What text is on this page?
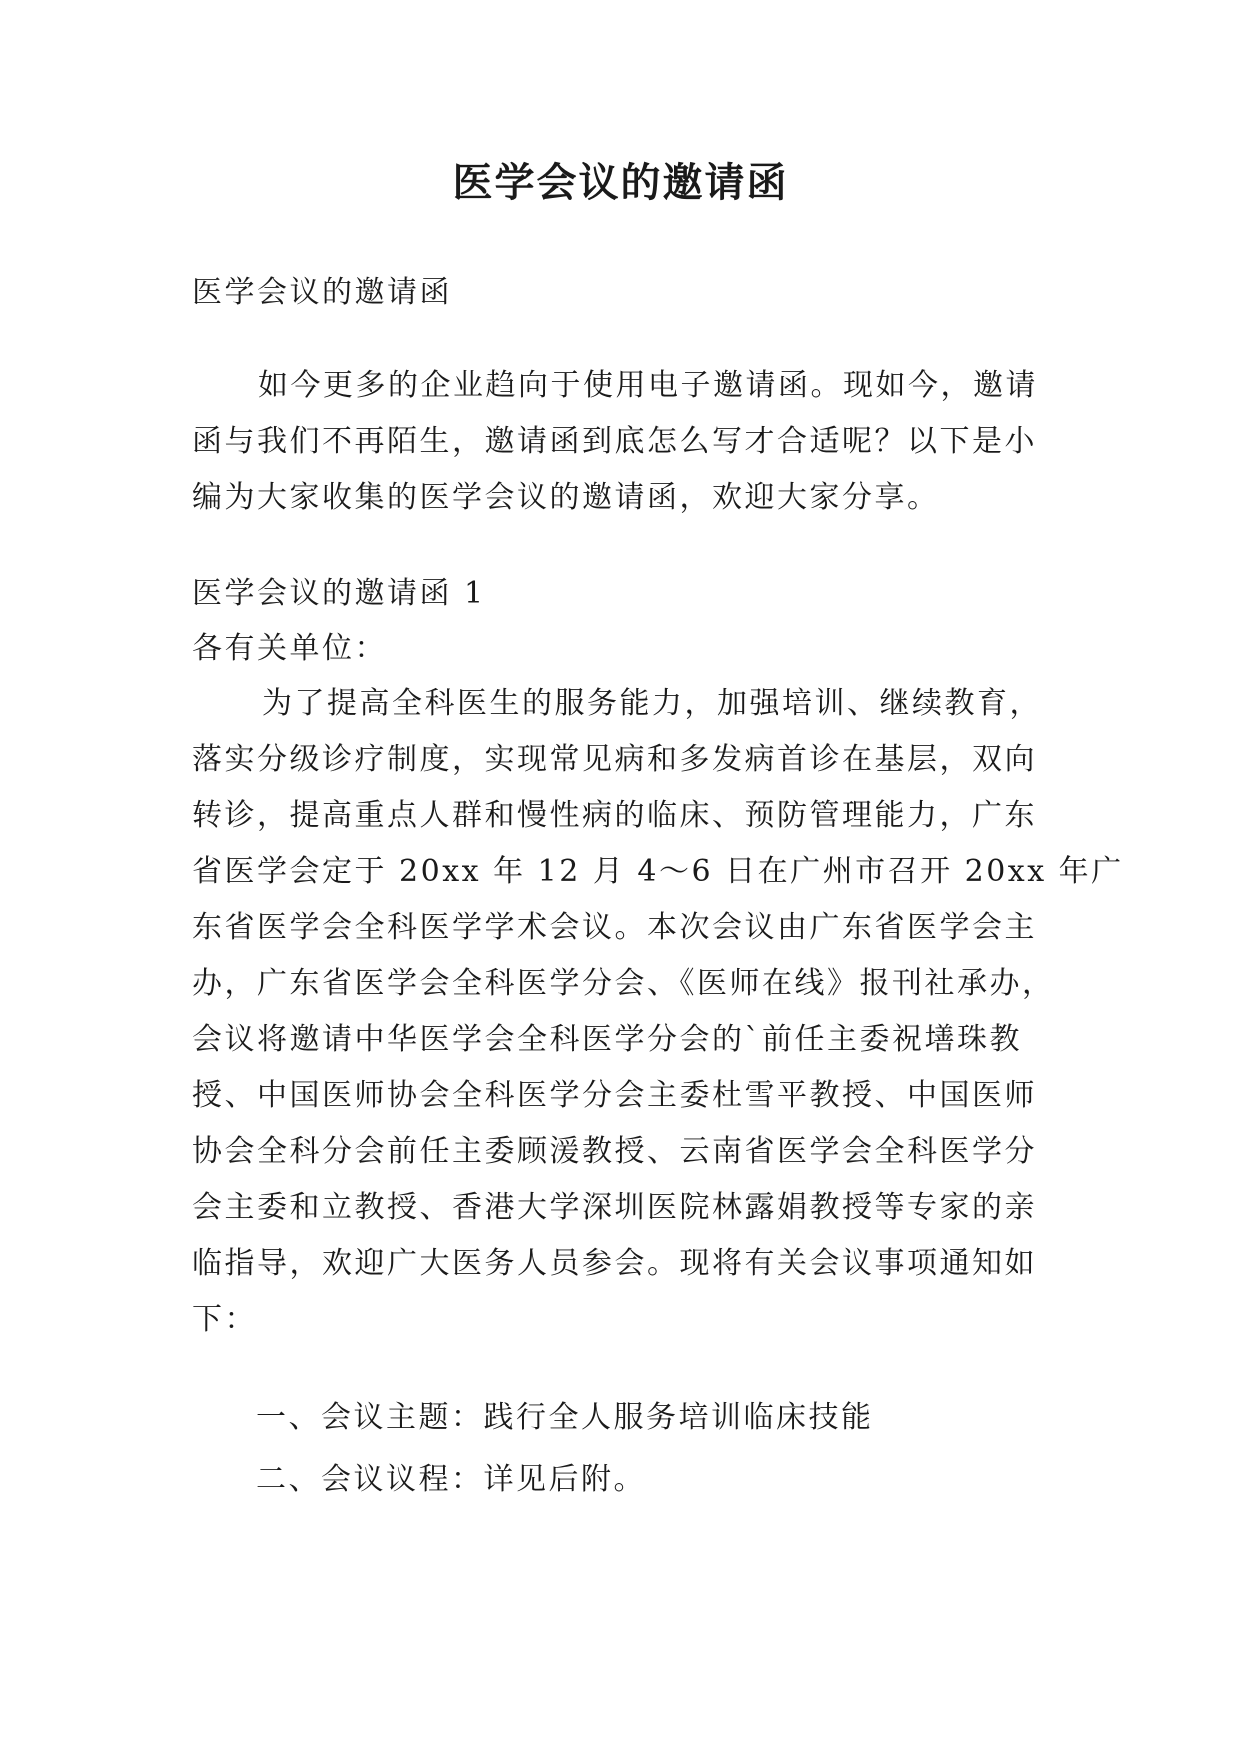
医学会议的邀请函
医学会议的邀请函
如今更多的企业趋向于使用电子邀请函。现如今，邀请
函与我们不再陌生，邀请函到底怎么写才合适呢？以下是小
编为大家收集的医学会议的邀请函，欢迎大家分享。
医学会议的邀请函 1
各有关单位：
为了提高全科医生的服务能力，加强培训、继续教育，
落实分级诊疗制度，实现常见病和多发病首诊在基层，双向
转诊，提高重点人群和慢性病的临床、预防管理能力，广东
省医学会定于 20xx 年 12 月 4～6 日在广州市召开 20xx 年广
东省医学会全科医学学术会议。本次会议由广东省医学会主
办，广东省医学会全科医学分会、《医师在线》报刊社承办，
会议将邀请中华医学会全科医学分会的`前任主委祝墡珠教
授、中国医师协会全科医学分会主委杜雪平教授、中国医师
协会全科分会前任主委顾湲教授、云南省医学会全科医学分
会主委和立教授、香港大学深圳医院林露娟教授等专家的亲
临指导，欢迎广大医务人员参会。现将有关会议事项通知如
下：
一、会议主题：践行全人服务培训临床技能
二、会议议程：详见后附。
